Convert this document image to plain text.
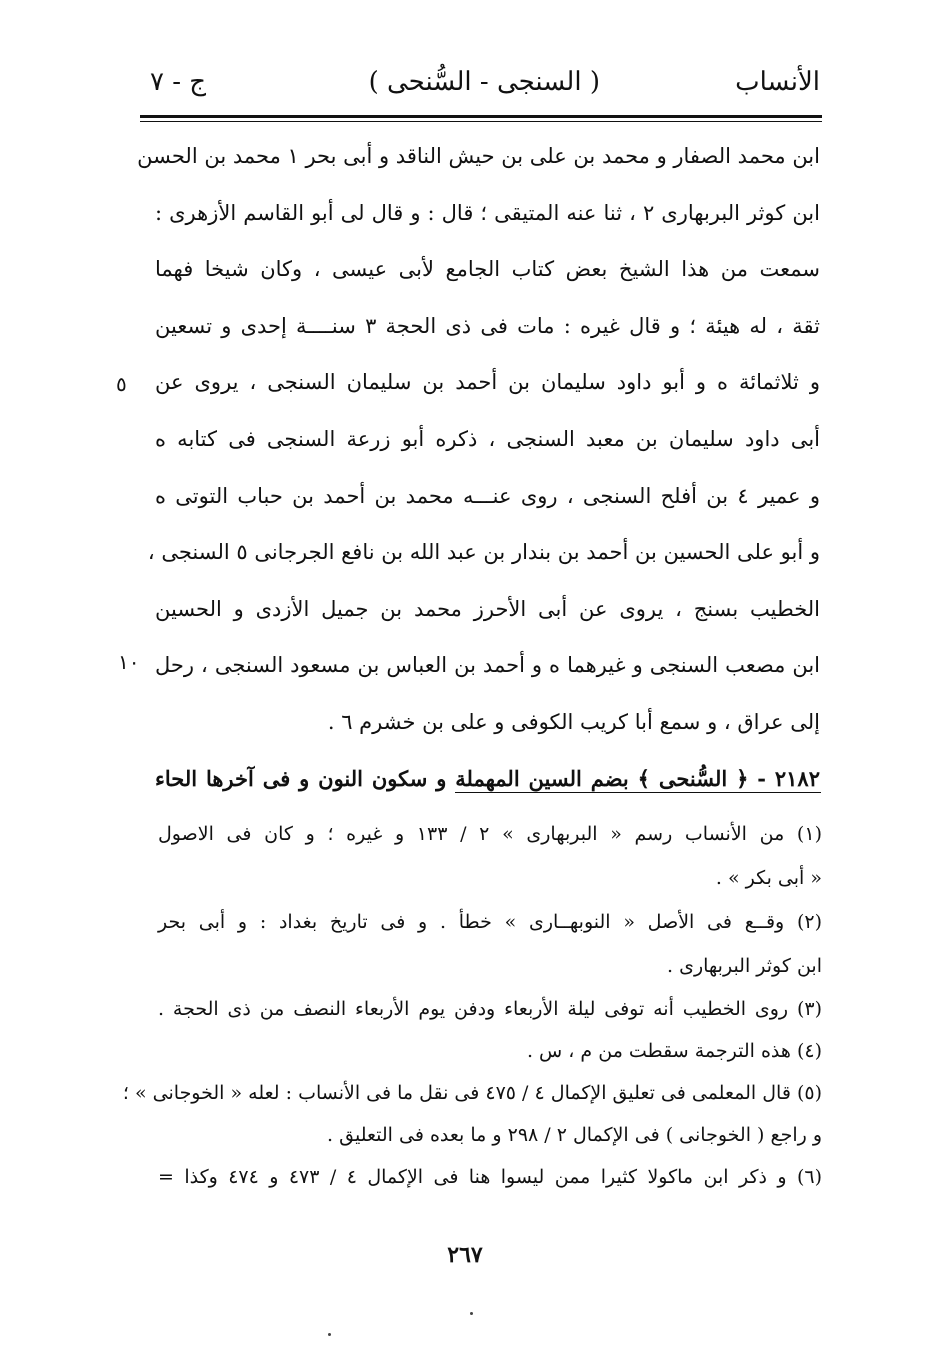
ج - ٧	( السنجى - السُّنحى )	الأنساب
ابن محمد الصفار و محمد بن على بن حيش الناقد و أبى بحر ١ محمد بن الحسن
ابن كوثر البربهارى ٢ ، ثنا عنه المتيقى ؛ قال : و قال لى أبو القاسم الأزهرى :
سمعت من هذا الشيخ بعض كتاب الجامع لأبى عيسى ، وكان شيخا فهما
ثقة ، له هيئة ؛ و قال غيره : مات فى ذى الحجة ٣ سنــــة إحدى و تسعين
و ثلاثمائة ه و أبو داود سليمان بن أحمد بن سليمان السنجى ، يروى عن
أبى داود سليمان بن معبد السنجى ، ذكره أبو زرعة السنجى فى كتابه ه
و عمير ٤ بن أفلح السنجى ، روى عنـــه محمد بن أحمد بن حباب التوتى ه
و أبو على الحسين بن أحمد بن بندار بن عبد الله بن نافع الجرجانى ٥ السنجى ،
الخطيب بسنج ، يروى عن أبى الأحرز محمد بن جميل الأزدى و الحسين
ابن مصعب السنجى و غيرهما ه و أحمد بن العباس بن مسعود السنجى ، رحل
إلى عراق ، و سمع أبا كريب الكوفى و على بن خشرم ٦ .
٢١٨٢ - ﴿ السُّنحى ﴾ بضم السين المهملة و سكون النون و فى آخرها الحاء
٥
١٠
(١) من الأنساب رسم « البربهارى » ٢ / ١٣٣ و غيره ؛ و كان فى الاصول
« أبى بكر » .
(٢) وقــع فى الأصل « النوبهــارى » خطأ . و فى تاريخ بغداد : و أبى بحر
ابن كوثر البربهارى .
(٣) روى الخطيب أنه توفى ليلة الأربعاء ودفن يوم الأربعاء النصف من ذى الحجة .
(٤) هذه الترجمة سقطت من م ، س .
(٥) قال المعلمى فى تعليق الإكمال ٤ / ٤٧٥ فى نقل ما فى الأنساب : لعله « الخوجانى » ؛
و راجع ( الخوجانى ) فى الإكمال ٢ / ٢٩٨ و ما بعده فى التعليق .
(٦) و ذكر ابن ماكولا كثيرا ممن ليسوا هنا فى الإكمال ٤ / ٤٧٣ و ٤٧٤ وكذا =
٢٦٧
